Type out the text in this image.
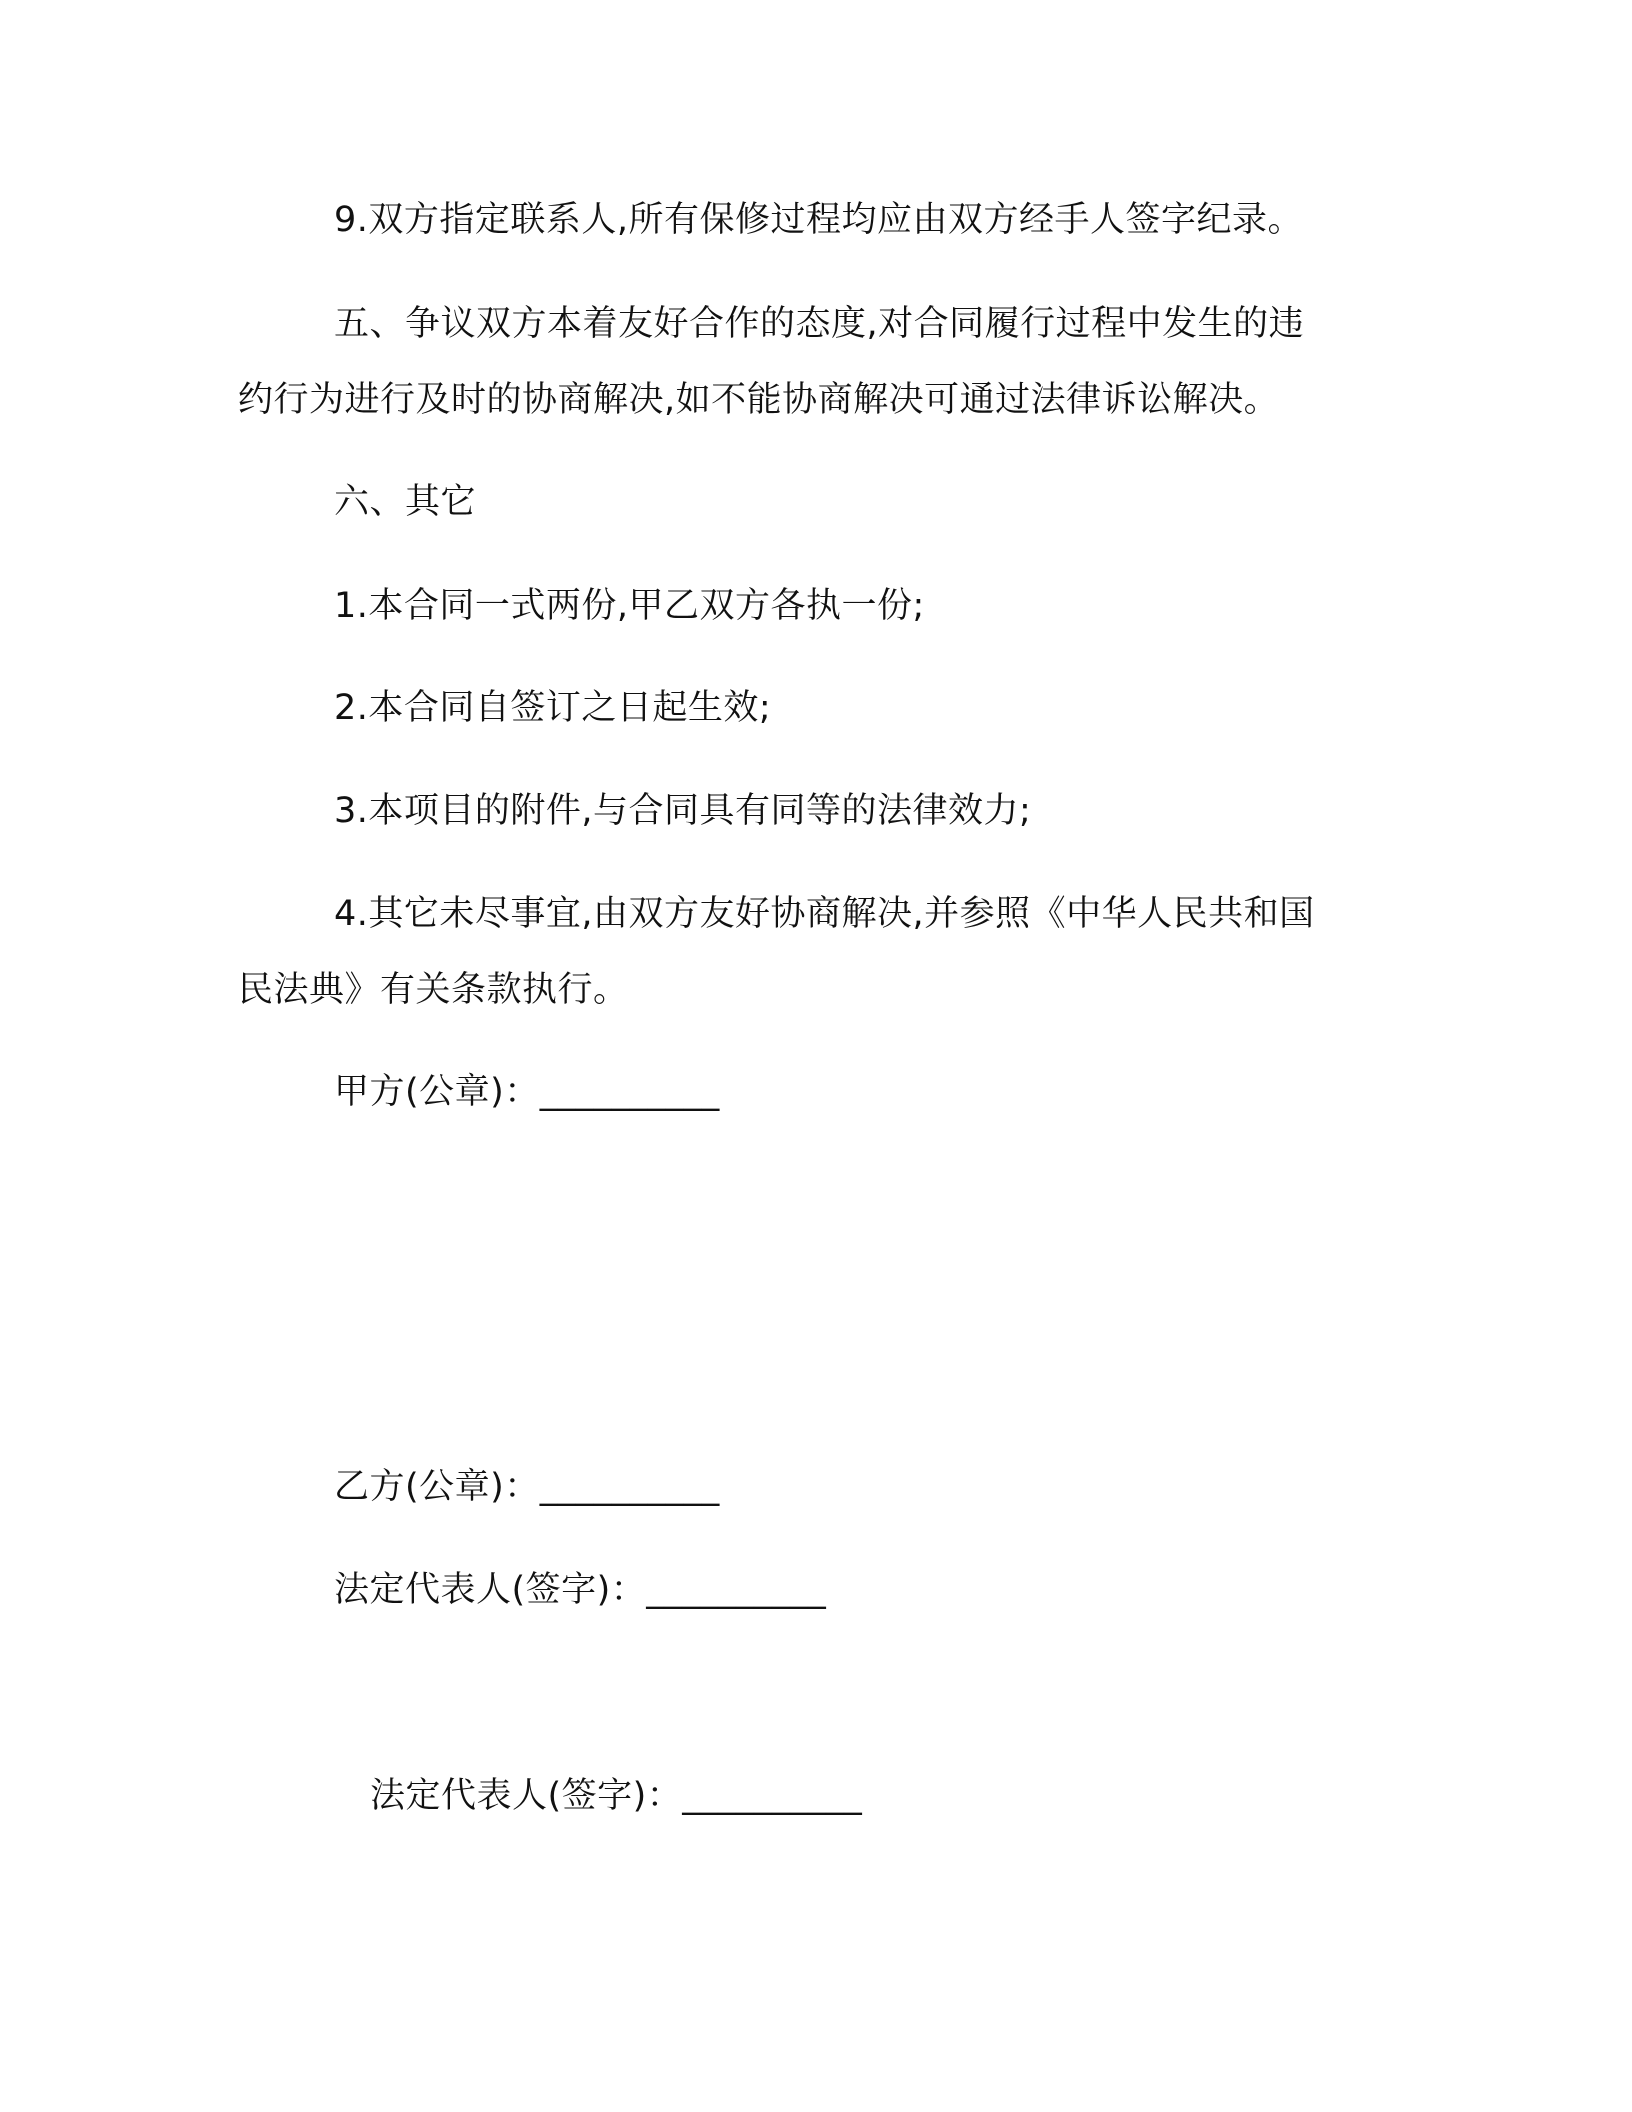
9.双方指定联系人,所有保修过程均应由双方经手人签字纪录。
五、争议双方本着友好合作的态度,对合同履行过程中发生的违
约行为进行及时的协商解决,如不能协商解决可通过法律诉讼解决。
六、其它
1.本合同一式两份,甲乙双方各执一份;
2.本合同自签订之日起生效;
3.本项目的附件,与合同具有同等的法律效力;
4.其它未尽事宜,由双方友好协商解决,并参照《中华人民共和国
民法典》有关条款执行。
甲方(公章)：__________
乙方(公章)：__________
法定代表人(签字)：__________
法定代表人(签字)：__________
